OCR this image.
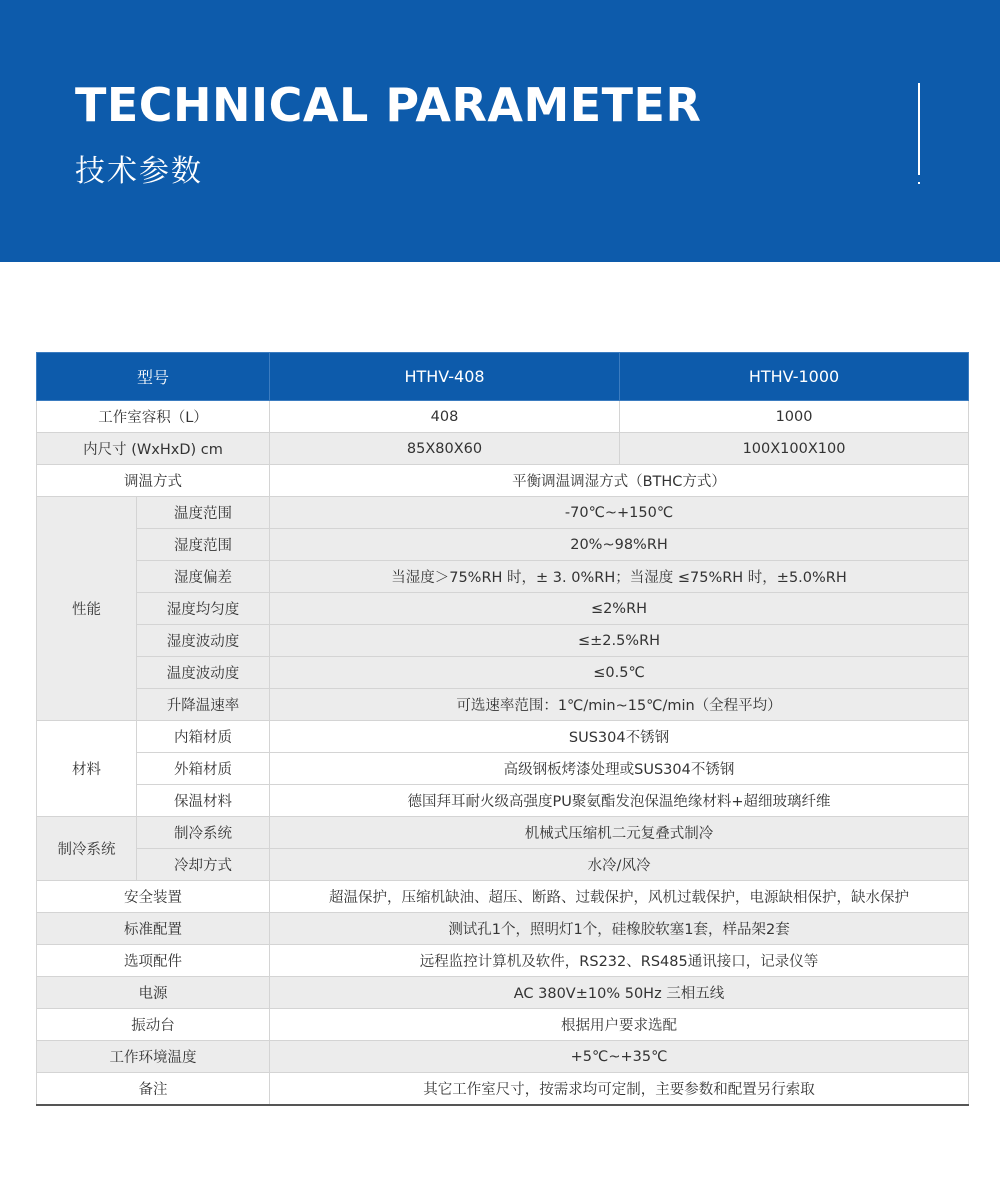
TECHNICAL PARAMETER
技术参数
型号		HTHV-408	HTHV-1000
工作室容积（L）		408	1000
内尺寸 (WxHxD) cm		85X80X60	100X100X100
调温方式		平衡调温调湿方式（BTHC方式）	
性能	温度范围	-70℃~+150℃	
	湿度范围	20%~98%RH	
	湿度偏差	当湿度＞75%RH 时，± 3. 0%RH；当湿度 ≤75%RH 时，±5.0%RH	
	湿度均匀度	≤2%RH	
	湿度波动度	≤±2.5%RH	
	温度波动度	≤0.5℃	
	升降温速率	可选速率范围：1℃/min~15℃/min（全程平均）	
材料	内箱材质	SUS304不锈钢	
	外箱材质	高级钢板烤漆处理或SUS304不锈钢	
	保温材料	德国拜耳耐火级高强度PU聚氨酯发泡保温绝缘材料+超细玻璃纤维	
制冷系统	制冷系统	机械式压缩机二元复叠式制冷	
	冷却方式	水冷/风冷	
安全装置		超温保护，压缩机缺油、超压、断路、过载保护，风机过载保护，电源缺相保护，缺水保护	
标准配置		测试孔1个，照明灯1个，硅橡胶软塞1套，样品架2套	
选项配件		远程监控计算机及软件，RS232、RS485通讯接口，记录仪等	
电源		AC 380V±10% 50Hz 三相五线	
振动台		根据用户要求选配	
工作环境温度		+5℃~+35℃	
备注		其它工作室尺寸，按需求均可定制，主要参数和配置另行索取	
